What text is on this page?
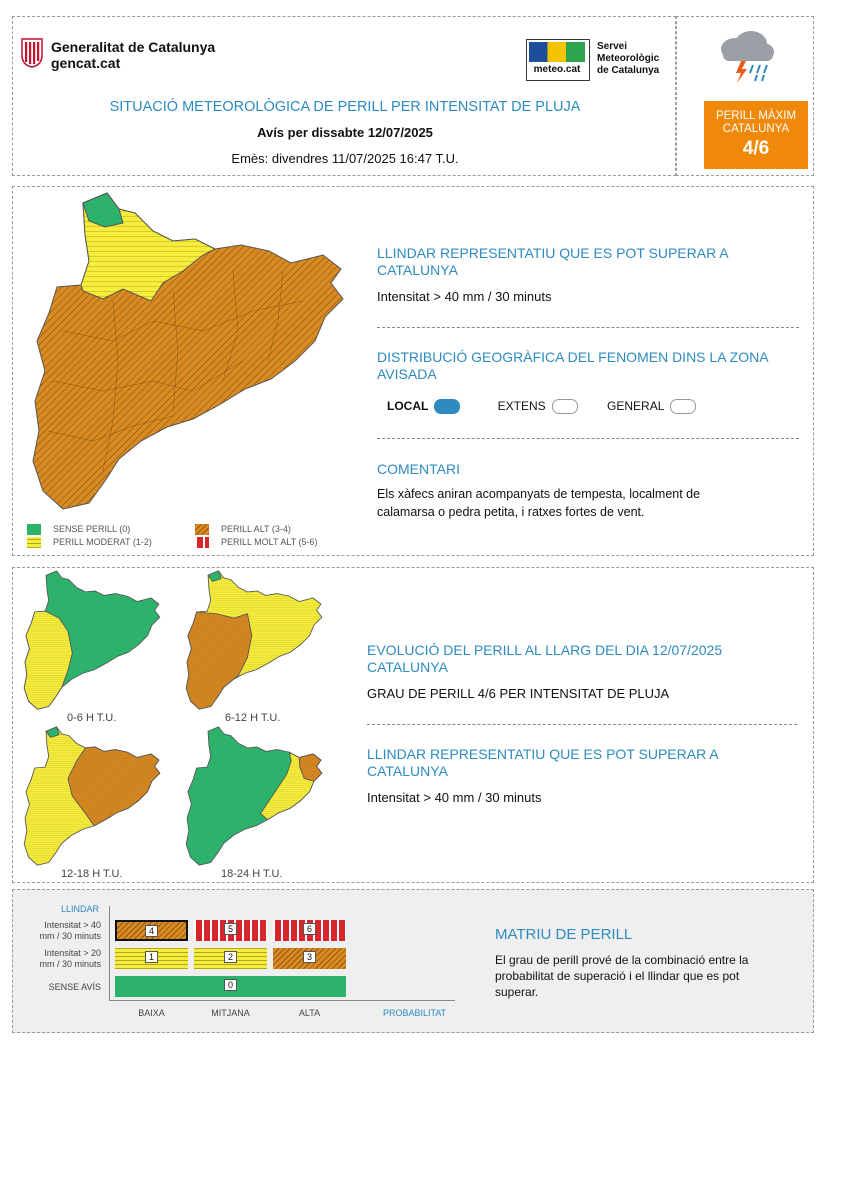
Generalitat de Catalunya
gencat.cat	meteo.cat
Servei
Meteorològic
de Catalunya
SITUACIÓ METEOROLÒGICA DE PERILL PER INTENSITAT DE PLUJA
Avís per dissabte 12/07/2025
Emès: divendres 11/07/2025 16:47 T.U.
PERILL MÀXIM
CATALUNYA
4/6
SENSE PERILL (0)
PERILL MODERAT (1-2)
PERILL ALT (3-4)
PERILL MOLT ALT (5-6)
LLINDAR REPRESENTATIU QUE ES POT SUPERAR A CATALUNYA
Intensitat > 40 mm / 30 minuts
DISTRIBUCIÓ GEOGRÀFICA DEL FENOMEN DINS LA ZONA AVISADA
LOCAL	EXTENS	GENERAL
COMENTARI
Els xàfecs aniran acompanyats de tempesta, localment de calamarsa o pedra petita, i ratxes fortes de vent.
0-6 H T.U.	6-12 H T.U.
12-18 H T.U.	18-24 H T.U.
EVOLUCIÓ DEL PERILL AL LLARG DEL DIA 12/07/2025 CATALUNYA
GRAU DE PERILL 4/6 PER INTENSITAT DE PLUJA
LLINDAR REPRESENTATIU QUE ES POT SUPERAR A CATALUNYA
Intensitat > 40 mm / 30 minuts
LLINDAR
Intensitat > 40 mm / 30 minuts
Intensitat > 20 mm / 30 minuts
SENSE AVÍS
4	5	6
1	2	3
0
BAIXA	MITJANA	ALTA	PROBABILITAT
MATRIU DE PERILL
El grau de perill prové de la combinació entre la probabilitat de superació i el llindar que es pot superar.
